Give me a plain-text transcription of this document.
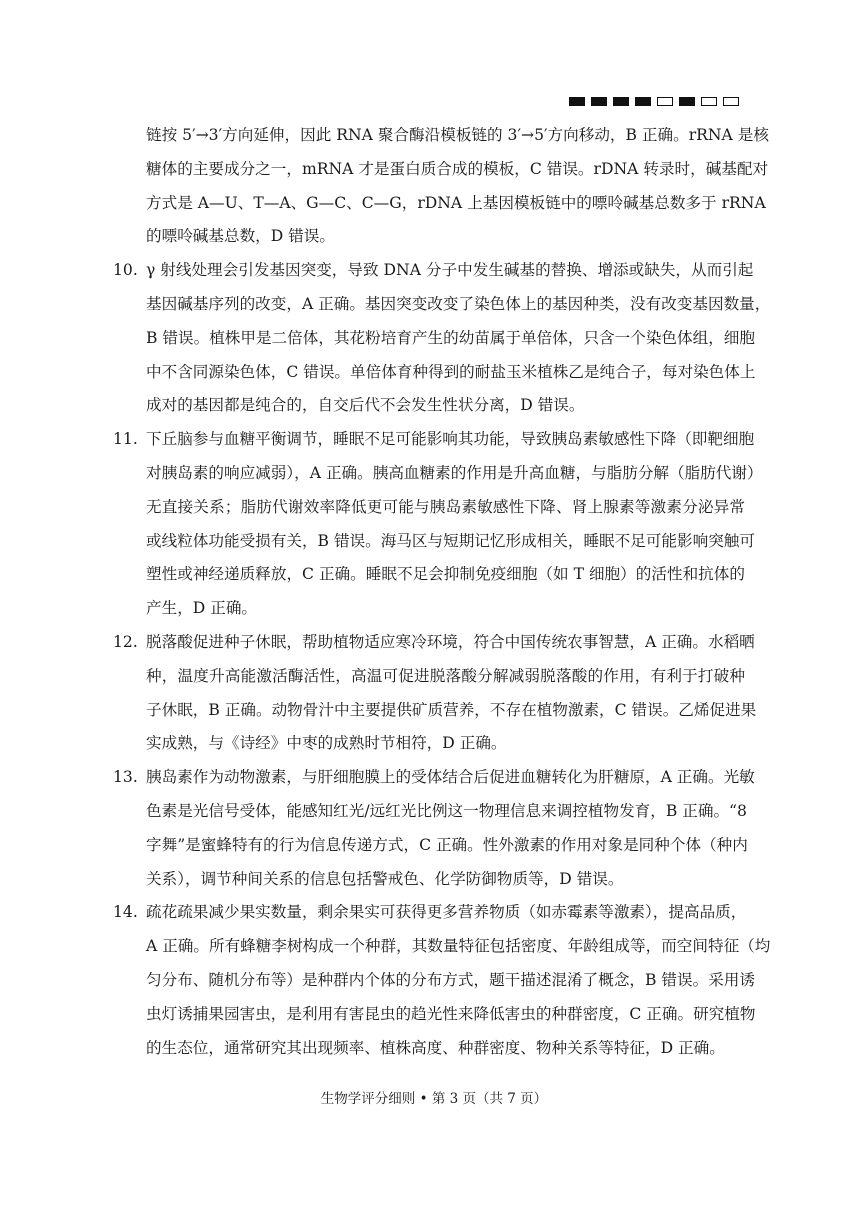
链按 5′→3′方向延伸，因此 RNA 聚合酶沿模板链的 3′→5′方向移动，B 正确。rRNA 是核
糖体的主要成分之一，mRNA 才是蛋白质合成的模板，C 错误。rDNA 转录时，碱基配对
方式是 A—U、T—A、G—C、C—G，rDNA 上基因模板链中的嘌呤碱基总数多于 rRNA
的嘌呤碱基总数，D 错误。
10. γ 射线处理会引发基因突变，导致 DNA 分子中发生碱基的替换、增添或缺失，从而引起
基因碱基序列的改变，A 正确。基因突变改变了染色体上的基因种类，没有改变基因数量，
B 错误。植株甲是二倍体，其花粉培育产生的幼苗属于单倍体，只含一个染色体组，细胞
中不含同源染色体，C 错误。单倍体育种得到的耐盐玉米植株乙是纯合子，每对染色体上
成对的基因都是纯合的，自交后代不会发生性状分离，D 错误。
11. 下丘脑参与血糖平衡调节，睡眠不足可能影响其功能，导致胰岛素敏感性下降（即靶细胞
对胰岛素的响应减弱），A 正确。胰高血糖素的作用是升高血糖，与脂肪分解（脂肪代谢）
无直接关系；脂肪代谢效率降低更可能与胰岛素敏感性下降、肾上腺素等激素分泌异常
或线粒体功能受损有关，B 错误。海马区与短期记忆形成相关，睡眠不足可能影响突触可
塑性或神经递质释放，C 正确。睡眠不足会抑制免疫细胞（如 T 细胞）的活性和抗体的
产生，D 正确。
12. 脱落酸促进种子休眠，帮助植物适应寒冷环境，符合中国传统农事智慧，A 正确。水稻晒
种，温度升高能激活酶活性，高温可促进脱落酸分解减弱脱落酸的作用，有利于打破种
子休眠，B 正确。动物骨汁中主要提供矿质营养，不存在植物激素，C 错误。乙烯促进果
实成熟，与《诗经》中枣的成熟时节相符，D 正确。
13. 胰岛素作为动物激素，与肝细胞膜上的受体结合后促进血糖转化为肝糖原，A 正确。光敏
色素是光信号受体，能感知红光/远红光比例这一物理信息来调控植物发育，B 正确。“8
字舞”是蜜蜂特有的行为信息传递方式，C 正确。性外激素的作用对象是同种个体（种内
关系），调节种间关系的信息包括警戒色、化学防御物质等，D 错误。
14. 疏花疏果减少果实数量，剩余果实可获得更多营养物质（如赤霉素等激素），提高品质，
A 正确。所有蜂糖李树构成一个种群，其数量特征包括密度、年龄组成等，而空间特征（均
匀分布、随机分布等）是种群内个体的分布方式，题干描述混淆了概念，B 错误。采用诱
虫灯诱捕果园害虫，是利用有害昆虫的趋光性来降低害虫的种群密度，C 正确。研究植物
的生态位，通常研究其出现频率、植株高度、种群密度、物种关系等特征，D 正确。
生物学评分细则 • 第 3 页（共 7 页）
